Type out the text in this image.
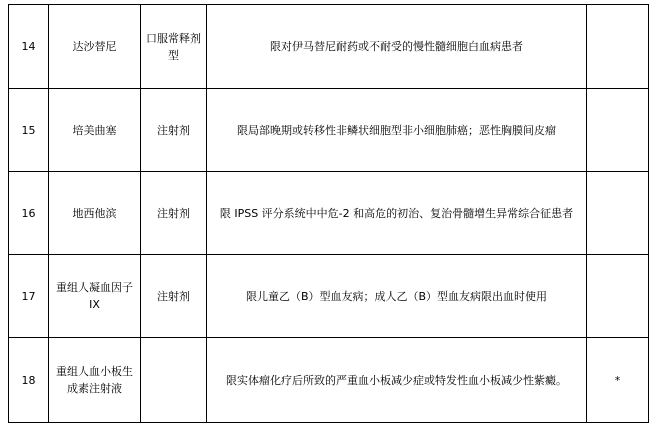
14	达沙替尼	口服常释剂型	限对伊马替尼耐药或不耐受的慢性髓细胞白血病患者	
15	培美曲塞	注射剂	限局部晚期或转移性非鳞状细胞型非小细胞肺癌；恶性胸膜间皮瘤	
16	地西他滨	注射剂	限 IPSS 评分系统中中危-2 和高危的初治、复治骨髓增生异常综合征患者	
17	重组人凝血因子 IX	注射剂	限儿童乙（B）型血友病；成人乙（B）型血友病限出血时使用	
18	重组人血小板生成素注射液		限实体瘤化疗后所致的严重血小板减少症或特发性血小板减少性紫癜。	*
